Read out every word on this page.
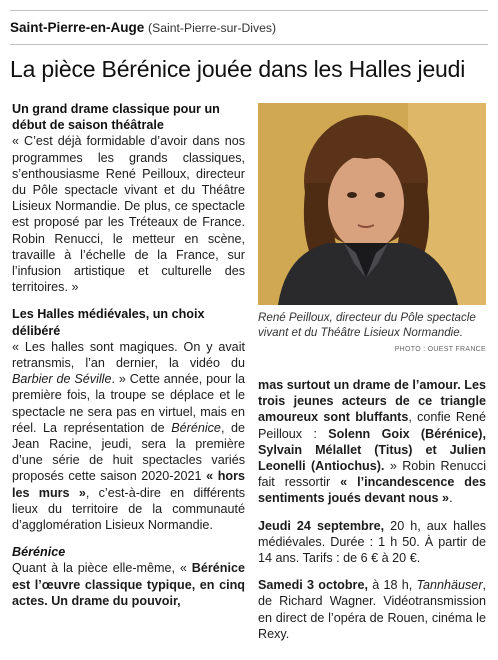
Saint-Pierre-en-Auge (Saint-Pierre-sur-Dives)
La pièce Bérénice jouée dans les Halles jeudi

Un grand drame classique pour un début de saison théâtrale

« C’est déjà formidable d’avoir dans nos programmes les grands classiques, s’enthousiasme René Peilloux, directeur du Pôle spectacle vivant et du Théâtre Lisieux Normandie. De plus, ce spectacle est proposé par les Tréteaux de France. Robin Renucci, le metteur en scène, travaille à l’échelle de la France, sur l’infusion artistique et culturelle des territoires. »

Les Halles médiévales, un choix délibéré

« Les halles sont magiques. On y avait retransmis, l’an dernier, la vidéo du Barbier de Séville. » Cette année, pour la première fois, la troupe se déplace et le spectacle ne sera pas en virtuel, mais en réel. La représentation de Bérénice, de Jean Racine, jeudi, sera la première d’une série de huit spectacles variés proposés cette saison 2020-2021 « hors les murs », c’est-à-dire en différents lieux du territoire de la communauté d’agglomération Lisieux Normandie.

Bérénice

Quant à la pièce elle-même, « Bérénice est l’œuvre classique typique, en cinq actes. Un drame du pouvoir,

René Peilloux, directeur du Pôle spectacle vivant et du Théâtre Lisieux Normandie.
PHOTO : OUEST FRANCE

mas surtout un drame de l’amour. Les trois jeunes acteurs de ce triangle amoureux sont bluffants, confie René Peilloux : Solenn Goix (Bérénice), Sylvain Mélallet (Titus) et Julien Leonelli (Antiochus). » Robin Renucci fait ressortir « l’incandescence des sentiments joués devant nous ».

Jeudi 24 septembre, 20 h, aux halles médiévales. Durée : 1 h 50. À partir de 14 ans. Tarifs : de 6 € à 20 €.

Samedi 3 octobre, à 18 h, Tannhäuser, de Richard Wagner. Vidéotransmission en direct de l’opéra de Rouen, cinéma le Rexy.
